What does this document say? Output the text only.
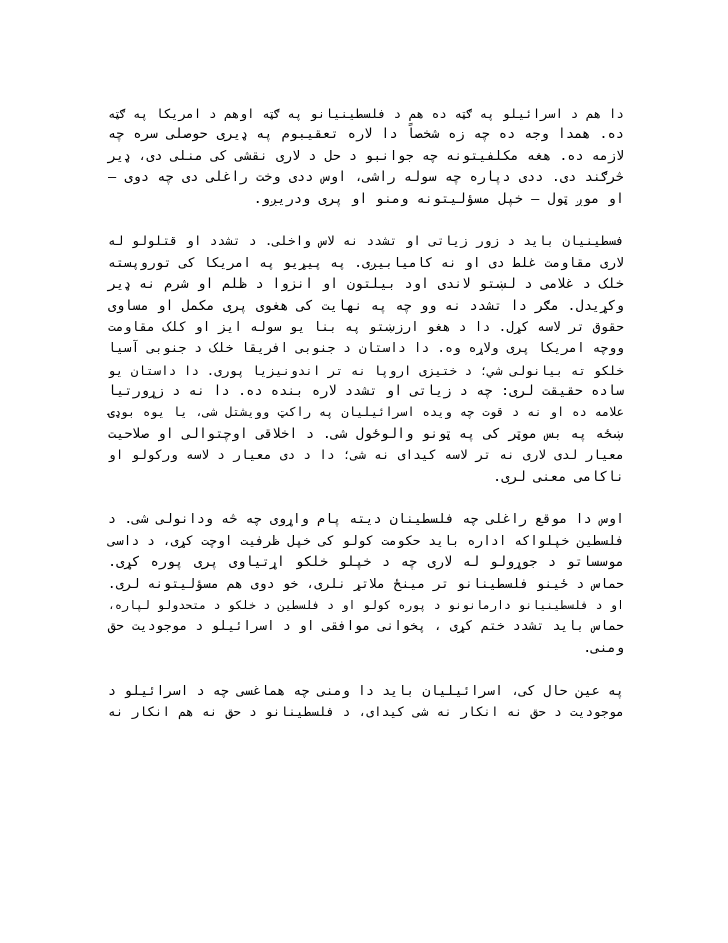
دا هم د اسرائیلو په ګټه ده هم د فلسطینیانو په ګټه اوهم د امریکا په ګټه
ده. همدا وجه ده چه زه شخصاً دا لاره تعقیبوم په ډیری حوصلی سره چه
لازمه ده. هغه مکلفیتونه چه جوانبو د حل د لاری نقشی کی منلی دی، ډیر
څرګند دی. ددی دپاره چه سوله راشی، اوس ددی وخت راغلی دی چه دوی –
او موږ ټول – خپل مسؤلیتونه ومنو او پری ودریږو.
فسطینیان باید د زور زیاتی او تشدد نه لاس واخلی. د تشدد او قتلولو له
لاری مقاومت غلط دی او نه کامیابیږی. په پیړیو په امریکا کی توروپسته
خلک د غلامی د لښتو لاندی اود بیلتون او انزوا د ظلم او شرم نه ډیر
وکړیدل. مګر دا تشدد نه وو چه په نهایت کی هغوی پری مکمل او مساوی
حقوق تر لاسه کړل. دا د هغو ارزښتو په بنا یو سوله ایز او کلک مقاومت
ووچه امریکا پری ولاړه وه. دا داستان د جنوبی افریقا خلک د جنوبی آسیا
خلکو ته بیانولی شي؛ د ختیزی اروپا نه تر اندونیزیا پوری. دا داستان یو
ساده حقیقت لری: چه د زیاتی او تشدد لاره بنده ده. دا نه د زړورتیا
علامه ده او نه د قوت چه ویده اسرائیلیان په راکټ وویشتل شی، یا یوه بوډۍ
ښځه په بس موټر کی په ټونو والوځول شی. د اخلاقی اوچتوالی او صلاحیت
معیار لدی لاری نه تر لاسه کیدای نه شی؛ دا د دی معیار د لاسه ورکولو او
ناکامی معنی لری.
اوس دا موقع راغلی چه فلسطینان دیته پام واړوی چه څه ودانولی شی. د
فلسطین خپلواکه اداره باید حکومت کولو کی خپل ظرفیت اوچت کړی، د داسی
موسساتو د جوړولو له لاری چه د خپلو خلکو اړتیاوی پری پوره کړی.
حماس د ځینو فلسطینانو تر مینځ ملاتړ نلری، خو دوی هم مسؤلیتونه لری.
او د فلسطینیانو دارمانونو د پوره کولو او د فلسطین د خلکو د متحدولو لپاره،
حماس باید تشدد ختم کړی ، پخوانی موافقی او د اسرائیلو د موجودیت حق
ومنی.
په عین حال کی، اسرائیلیان باید دا ومنی چه هماغسی چه د اسرائیلو د
موجودیت د حق نه انکار نه شی کیدای، د فلسطینانو د حق نه هم انکار نه
